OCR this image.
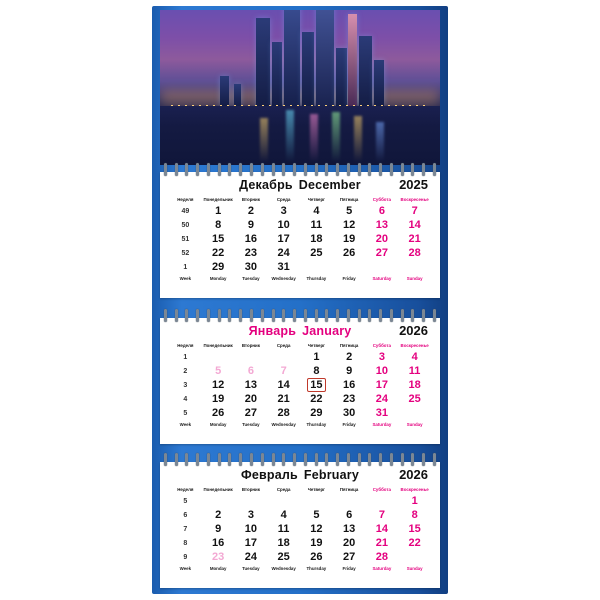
Декабрь December	2025
Неделя	Понедельник	Вторник	Среда	Четверг	Пятница	Суббота	Воскресенье
49	1	2	3	4	5	6	7
50	8	9	10	11	12	13	14
51	15	16	17	18	19	20	21
52	22	23	24	25	26	27	28
1	29	30	31				
Week	Monday	Tuesday	Wednesday	Thursday	Friday	Saturday	Sunday
Январь January	2026
Неделя	Понедельник	Вторник	Среда	Четверг	Пятница	Суббота	Воскресенье
1				1	2	3	4
2	5	6	7	8	9	10	11
3	12	13	14	15	16	17	18
4	19	20	21	22	23	24	25
5	26	27	28	29	30	31	
Week	Monday	Tuesday	Wednesday	Thursday	Friday	Saturday	Sunday
Февраль February	2026
Неделя	Понедельник	Вторник	Среда	Четверг	Пятница	Суббота	Воскресенье
5							1
6	2	3	4	5	6	7	8
7	9	10	11	12	13	14	15
8	16	17	18	19	20	21	22
9	23	24	25	26	27	28	
Week	Monday	Tuesday	Wednesday	Thursday	Friday	Saturday	Sunday
